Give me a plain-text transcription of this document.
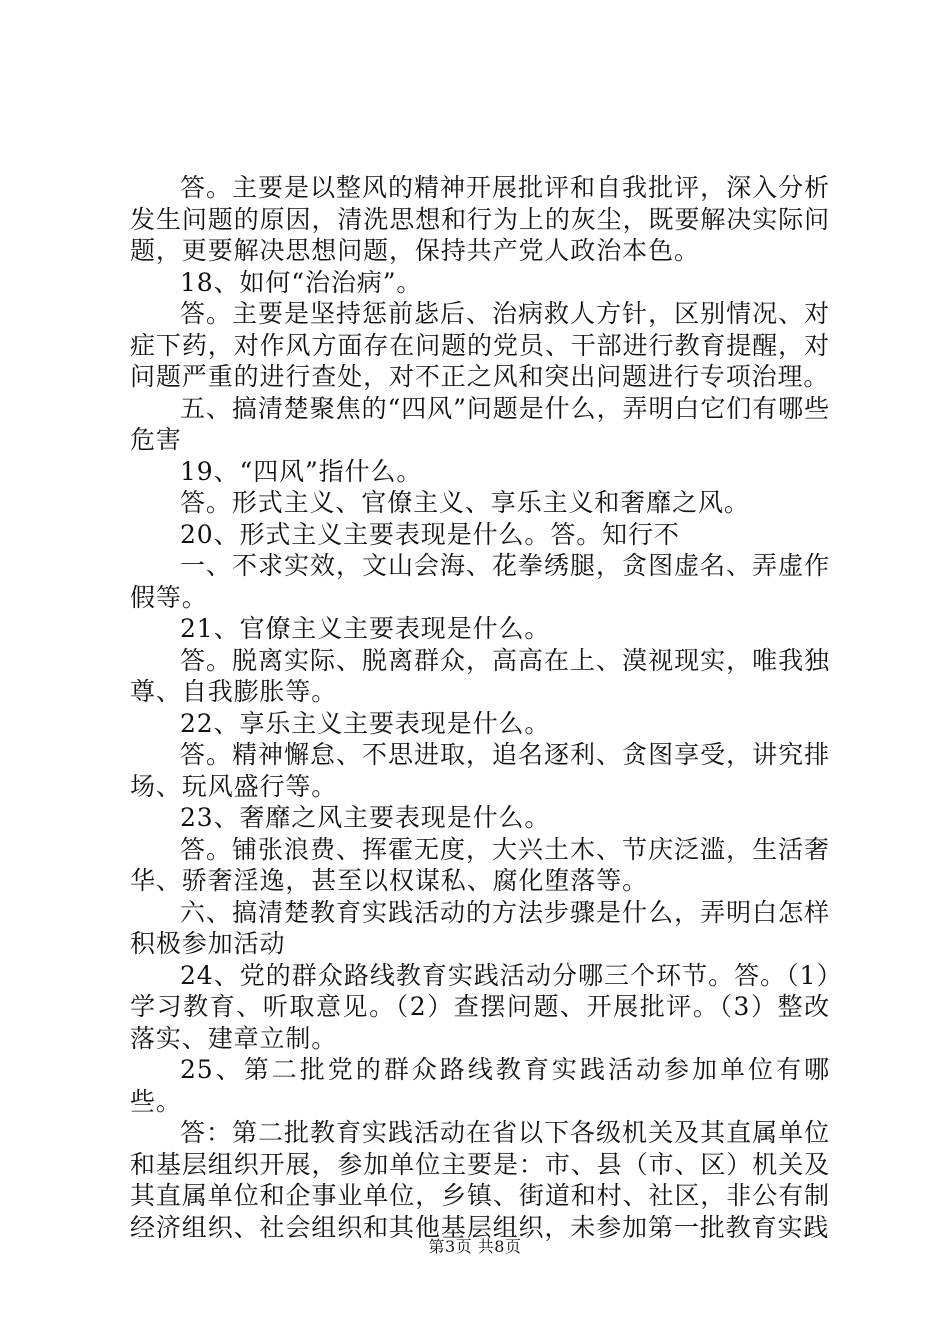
答。主要是以整风的精神开展批评和自我批评，深入分析发生问题的原因，清洗思想和行为上的灰尘，既要解决实际问题，更要解决思想问题，保持共产党人政治本色。

18、如何“治治病”。

答。主要是坚持惩前毖后、治病救人方针，区别情况、对症下药，对作风方面存在问题的党员、干部进行教育提醒，对问题严重的进行查处，对不正之风和突出问题进行专项治理。

五、搞清楚聚焦的“四风”问题是什么，弄明白它们有哪些危害

19、“四风”指什么。

答。形式主义、官僚主义、享乐主义和奢靡之风。

20、形式主义主要表现是什么。答。知行不

一、不求实效，文山会海、花拳绣腿，贪图虚名、弄虚作假等。

21、官僚主义主要表现是什么。

答。脱离实际、脱离群众，高高在上、漠视现实，唯我独尊、自我膨胀等。

22、享乐主义主要表现是什么。

答。精神懈怠、不思进取，追名逐利、贪图享受，讲究排场、玩风盛行等。

23、奢靡之风主要表现是什么。

答。铺张浪费、挥霍无度，大兴土木、节庆泛滥，生活奢华、骄奢淫逸，甚至以权谋私、腐化堕落等。

六、搞清楚教育实践活动的方法步骤是什么，弄明白怎样积极参加活动

24、党的群众路线教育实践活动分哪三个环节。答。（1）学习教育、听取意见。（2）查摆问题、开展批评。（3）整改落实、建章立制。

25、第二批党的群众路线教育实践活动参加单位有哪些。

答：第二批教育实践活动在省以下各级机关及其直属单位和基层组织开展，参加单位主要是：市、县（市、区）机关及其直属单位和企事业单位，乡镇、街道和村、社区，非公有制经济组织、社会组织和其他基层组织，未参加第一批教育实践

第3页 共8页
